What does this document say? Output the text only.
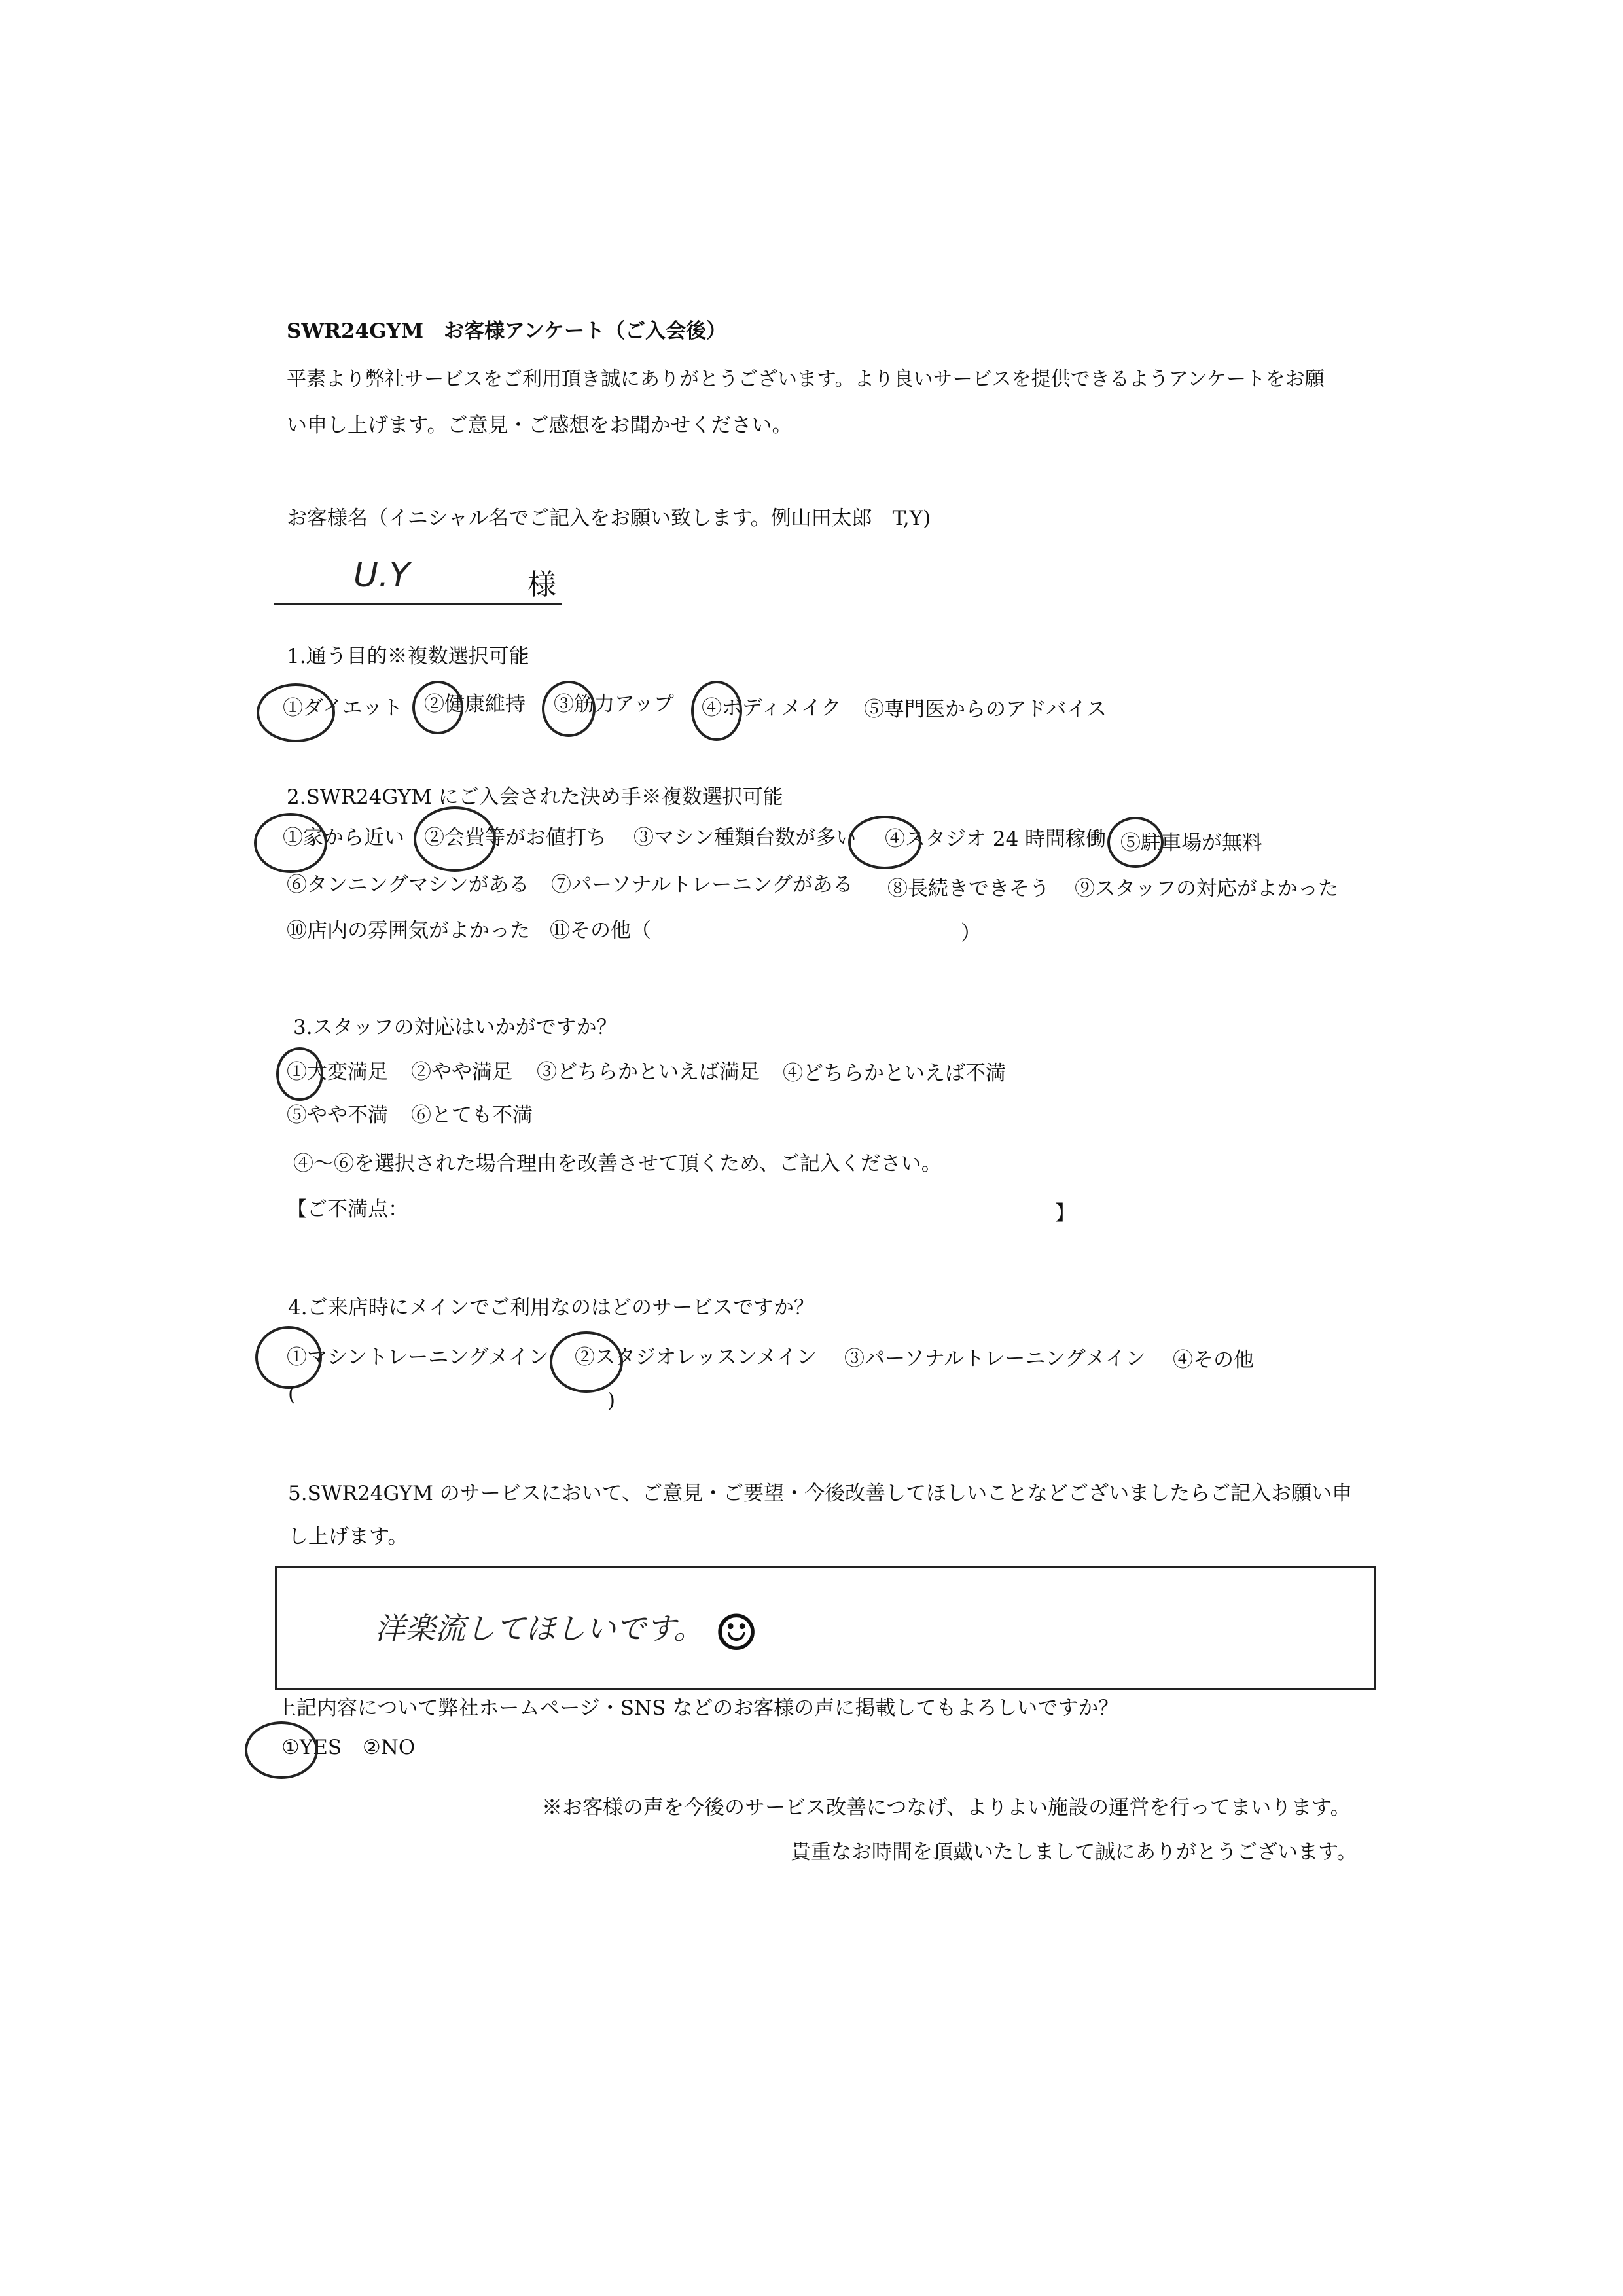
SWR24GYM　 お客様アンケート（ご入会後）
平素より弊社サービスをご利用頂き誠にありがとうございます。より良いサービスを提供できるようアンケートをお願
い申し上げます。ご意見・ご感想をお聞かせください。
お客様名（イニシャル名でご記入をお願い致します。例山田太郎　T,Y)
U.Y	様
1.通う目的※複数選択可能
①ダイエット ②健康維持 ③筋力アップ ④ボディメイク ⑤専門医からのアドバイス
2.SWR24GYM にご入会された決め手※複数選択可能
①家から近い ②会費等がお値打ち ③マシン種類台数が多い ④スタジオ 24 時間稼働 ⑤駐車場が無料
⑥タンニングマシンがある ⑦パーソナルトレーニングがある ⑧長続きできそう ⑨スタッフの対応がよかった
⑩店内の雰囲気がよかった ⑪その他（	）
3.スタッフの対応はいかがですか？
①大変満足 ②やや満足 ③どちらかといえば満足 ④どちらかといえば不満
⑤やや不満 ⑥とても不満
④～⑥を選択された場合理由を改善させて頂くため、ご記入ください。
【ご不満点：	】
4.ご来店時にメインでご利用なのはどのサービスですか？
①マシントレーニングメイン ②スタジオレッスンメイン ③パーソナルトレーニングメイン ④その他
(	)
5.SWR24GYM のサービスにおいて、ご意見・ご要望・今後改善してほしいことなどございましたらご記入お願い申
し上げます。
洋楽流してほしいです。 ☺
上記内容について弊社ホームページ・SNS などのお客様の声に掲載してもよろしいですか？
①YES ②NO
※お客様の声を今後のサービス改善につなげ、よりよい施設の運営を行ってまいります。
貴重なお時間を頂戴いたしまして誠にありがとうございます。
